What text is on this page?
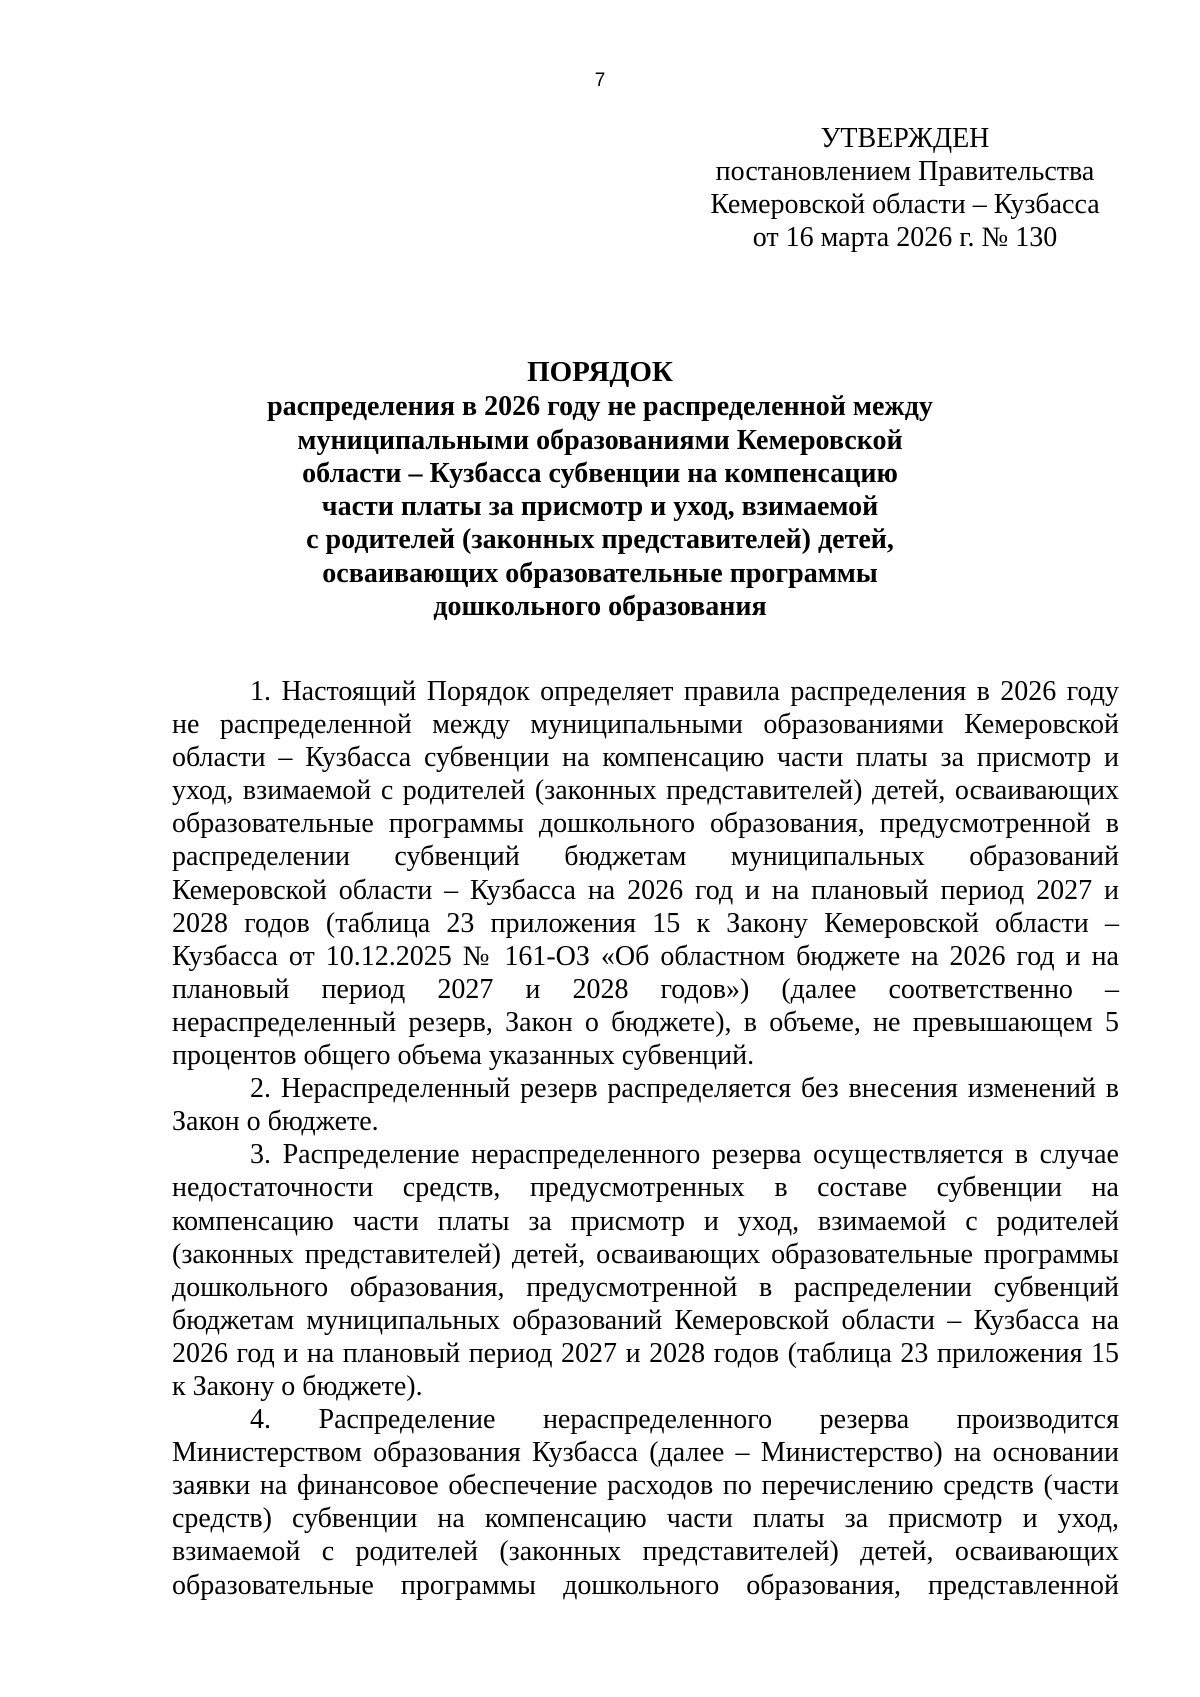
7
УТВЕРЖДЕН
постановлением Правительства
Кемеровской области – Кузбасса
от 16 марта 2026 г. № 130
ПОРЯДОК
распределения в 2026 году не распределенной между
муниципальными образованиями Кемеровской
области – Кузбасса субвенции на компенсацию
части платы за присмотр и уход, взимаемой
с родителей (законных представителей) детей,
осваивающих образовательные программы
дошкольного образования

1. Настоящий Порядок определяет правила распределения в 2026 году не распределенной между муниципальными образованиями Кемеровской области – Кузбасса субвенции на компенсацию части платы за присмотр и уход, взимаемой с родителей (законных представителей) детей, осваивающих образовательные программы дошкольного образования, предусмотренной в распределении субвенций бюджетам муниципальных образований Кемеровской области – Кузбасса на 2026 год и на плановый период 2027 и 2028 годов (таблица 23 приложения 15 к Закону Кемеровской области – Кузбасса от 10.12.2025 № 161-ОЗ «Об областном бюджете на 2026 год и на плановый период 2027 и 2028 годов») (далее соответственно – нераспределенный резерв, Закон о бюджете), в объеме, не превышающем 5 процентов общего объема указанных субвенций.

2. Нераспределенный резерв распределяется без внесения изменений в Закон о бюджете.

3. Распределение нераспределенного резерва осуществляется в случае недостаточности средств, предусмотренных в составе субвенции на компенсацию части платы за присмотр и уход, взимаемой с родителей (законных представителей) детей, осваивающих образовательные программы дошкольного образования, предусмотренной в распределении субвенций бюджетам муниципальных образований Кемеровской области – Кузбасса на 2026 год и на плановый период 2027 и 2028 годов (таблица 23 приложения 15 к Закону о бюджете).

4. Распределение нераспределенного резерва производится Министерством образования Кузбасса (далее – Министерство) на основании заявки на финансовое обеспечение расходов по перечислению средств (части средств) субвенции на компенсацию части платы за присмотр и уход, взимаемой с родителей (законных представителей) детей, осваивающих образовательные программы дошкольного образования, представленной
